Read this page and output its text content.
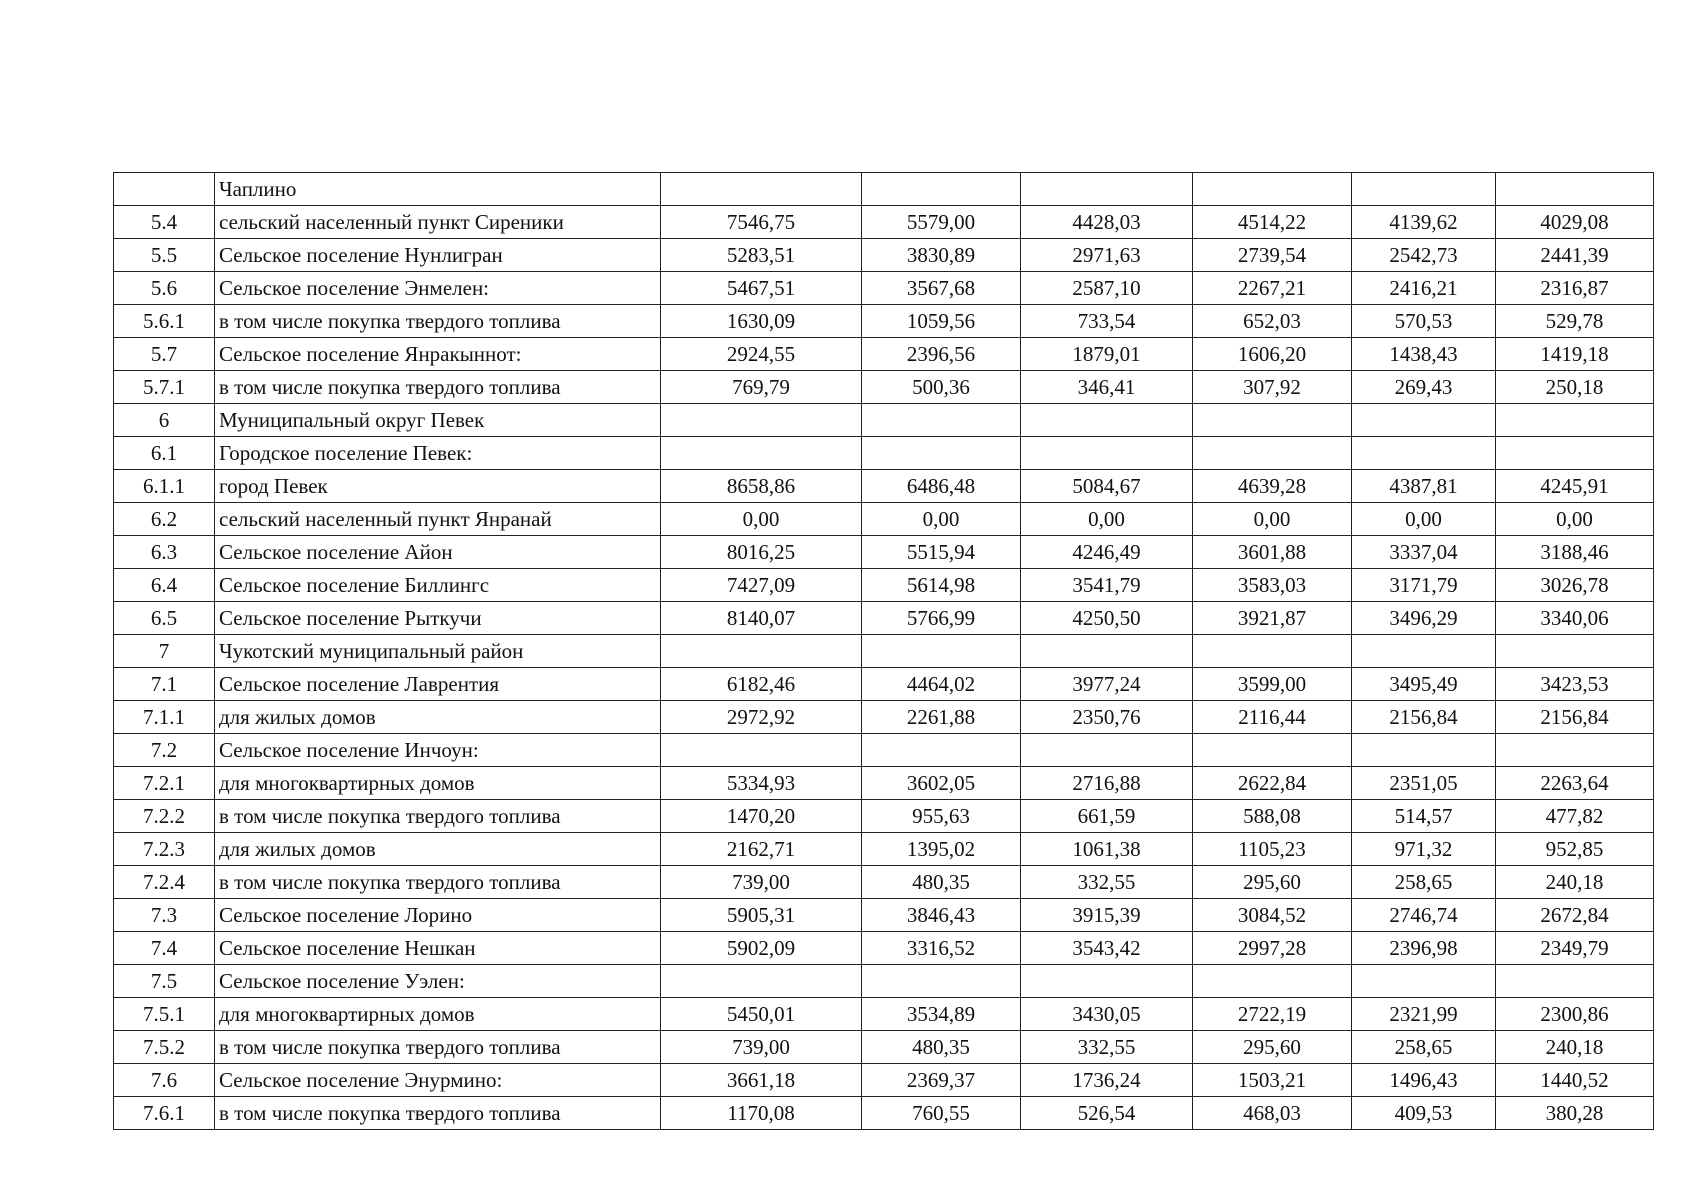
	Чаплино						
5.4	сельский населенный пункт Сиреники	7546,75	5579,00	4428,03	4514,22	4139,62	4029,08
5.5	Сельское поселение Нунлигран	5283,51	3830,89	2971,63	2739,54	2542,73	2441,39
5.6	Сельское поселение Энмелен:	5467,51	3567,68	2587,10	2267,21	2416,21	2316,87
5.6.1	в том числе покупка твердого топлива	1630,09	1059,56	733,54	652,03	570,53	529,78
5.7	Сельское поселение Янракыннот:	2924,55	2396,56	1879,01	1606,20	1438,43	1419,18
5.7.1	в том числе покупка твердого топлива	769,79	500,36	346,41	307,92	269,43	250,18
6	Муниципальный округ Певек						
6.1	Городское поселение Певек:						
6.1.1	город Певек	8658,86	6486,48	5084,67	4639,28	4387,81	4245,91
6.2	сельский населенный пункт Янранай	0,00	0,00	0,00	0,00	0,00	0,00
6.3	Сельское поселение Айон	8016,25	5515,94	4246,49	3601,88	3337,04	3188,46
6.4	Сельское поселение Биллингс	7427,09	5614,98	3541,79	3583,03	3171,79	3026,78
6.5	Сельское поселение Рыткучи	8140,07	5766,99	4250,50	3921,87	3496,29	3340,06
7	Чукотский муниципальный район						
7.1	Сельское поселение Лаврентия	6182,46	4464,02	3977,24	3599,00	3495,49	3423,53
7.1.1	для жилых домов	2972,92	2261,88	2350,76	2116,44	2156,84	2156,84
7.2	Сельское поселение Инчоун:						
7.2.1	для многоквартирных домов	5334,93	3602,05	2716,88	2622,84	2351,05	2263,64
7.2.2	в том числе покупка твердого топлива	1470,20	955,63	661,59	588,08	514,57	477,82
7.2.3	для жилых домов	2162,71	1395,02	1061,38	1105,23	971,32	952,85
7.2.4	в том числе покупка твердого топлива	739,00	480,35	332,55	295,60	258,65	240,18
7.3	Сельское поселение Лорино	5905,31	3846,43	3915,39	3084,52	2746,74	2672,84
7.4	Сельское поселение Нешкан	5902,09	3316,52	3543,42	2997,28	2396,98	2349,79
7.5	Сельское поселение Уэлен:						
7.5.1	для многоквартирных домов	5450,01	3534,89	3430,05	2722,19	2321,99	2300,86
7.5.2	в том числе покупка твердого топлива	739,00	480,35	332,55	295,60	258,65	240,18
7.6	Сельское поселение Энурмино:	3661,18	2369,37	1736,24	1503,21	1496,43	1440,52
7.6.1	в том числе покупка твердого топлива	1170,08	760,55	526,54	468,03	409,53	380,28
